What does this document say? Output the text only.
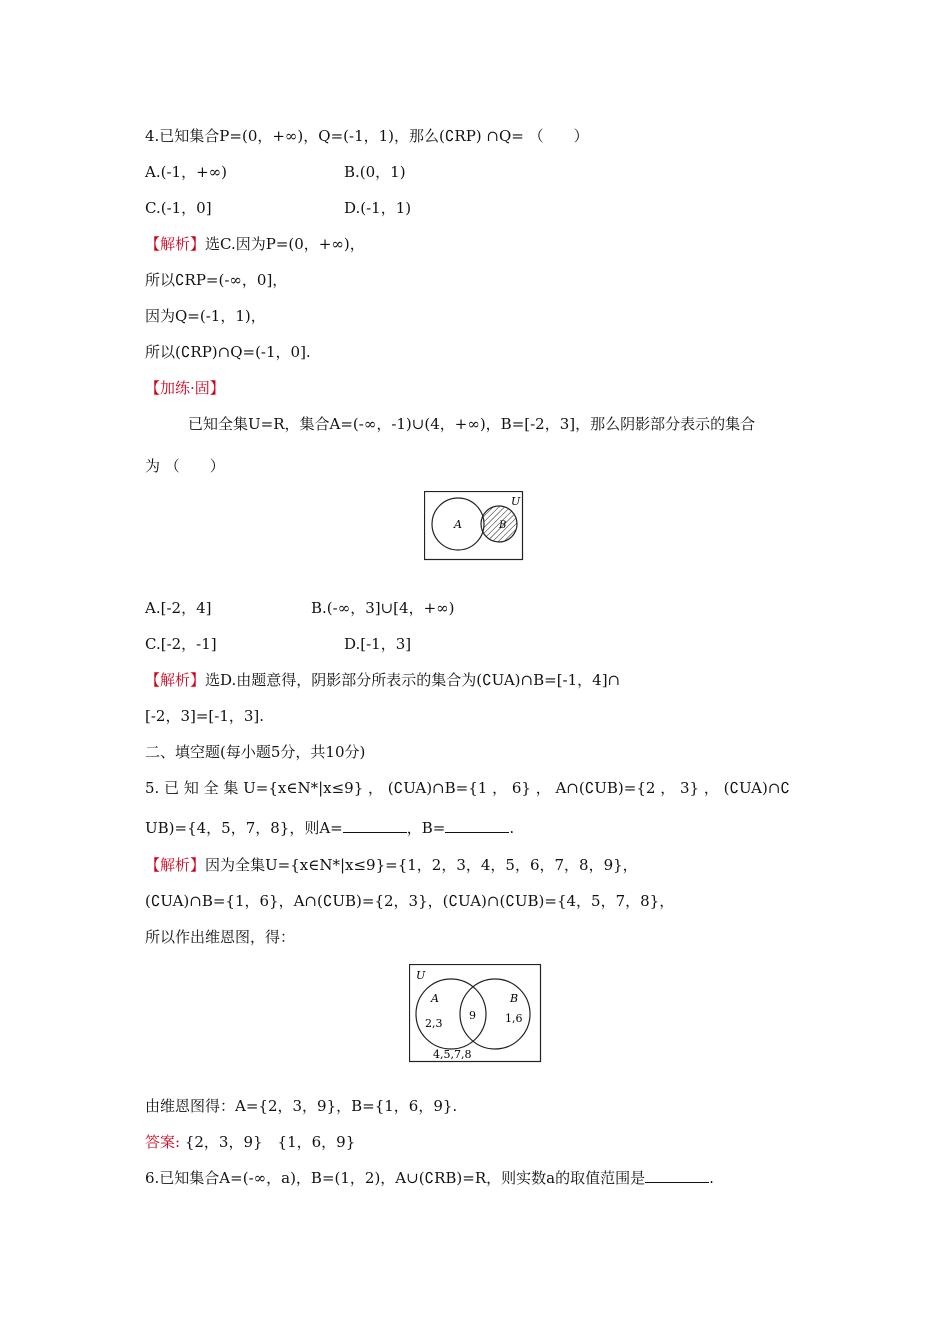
4.已知集合P=(0，+∞)，Q=(-1，1)，那么(∁RP) ∩Q= （　　）
A.(-1，+∞)	B.(0，1)
C.(-1，0]	D.(-1，1)
【解析】选C.因为P=(0，+∞)，
所以∁RP=(-∞，0]，
因为Q=(-1，1)，
所以(∁RP)∩Q=(-1，0].
【加练·固】
已知全集U=R，集合A=(-∞，-1)∪(4，+∞)，B=[-2，3]，那么阴影部分表示的集合
为 （　　）
U
A	B
A.[-2，4]	B.(-∞，3]∪[4，+∞)
C.[-2，-1]	D.[-1，3]
【解析】选D.由题意得，阴影部分所表示的集合为(∁UA)∩B=[-1，4]∩
[-2，3]=[-1，3].
二、填空题(每小题5分，共10分)
5. 已 知 全 集 U={x∈N*|x≤9} ， (∁UA)∩B={1 ， 6} ， A∩(∁UB)={2 ， 3} ， (∁UA)∩∁
UB)={4，5，7，8}，则A=	，B=	.
【解析】因为全集U={x∈N*|x≤9}={1，2，3，4，5，6，7，8，9}，
(∁UA)∩B={1，6}，A∩(∁UB)={2，3}，(∁UA)∩(∁UB)={4，5，7，8}，
所以作出维恩图，得：
U
A	B
2,3
9	1,6
4,5,7,8
由维恩图得：A={2，3，9}，B={1，6，9}.
答案: {2，3，9}　{1，6，9}
6.已知集合A=(-∞，a)，B=(1，2)，A∪(∁RB)=R，则实数a的取值范围是	.
